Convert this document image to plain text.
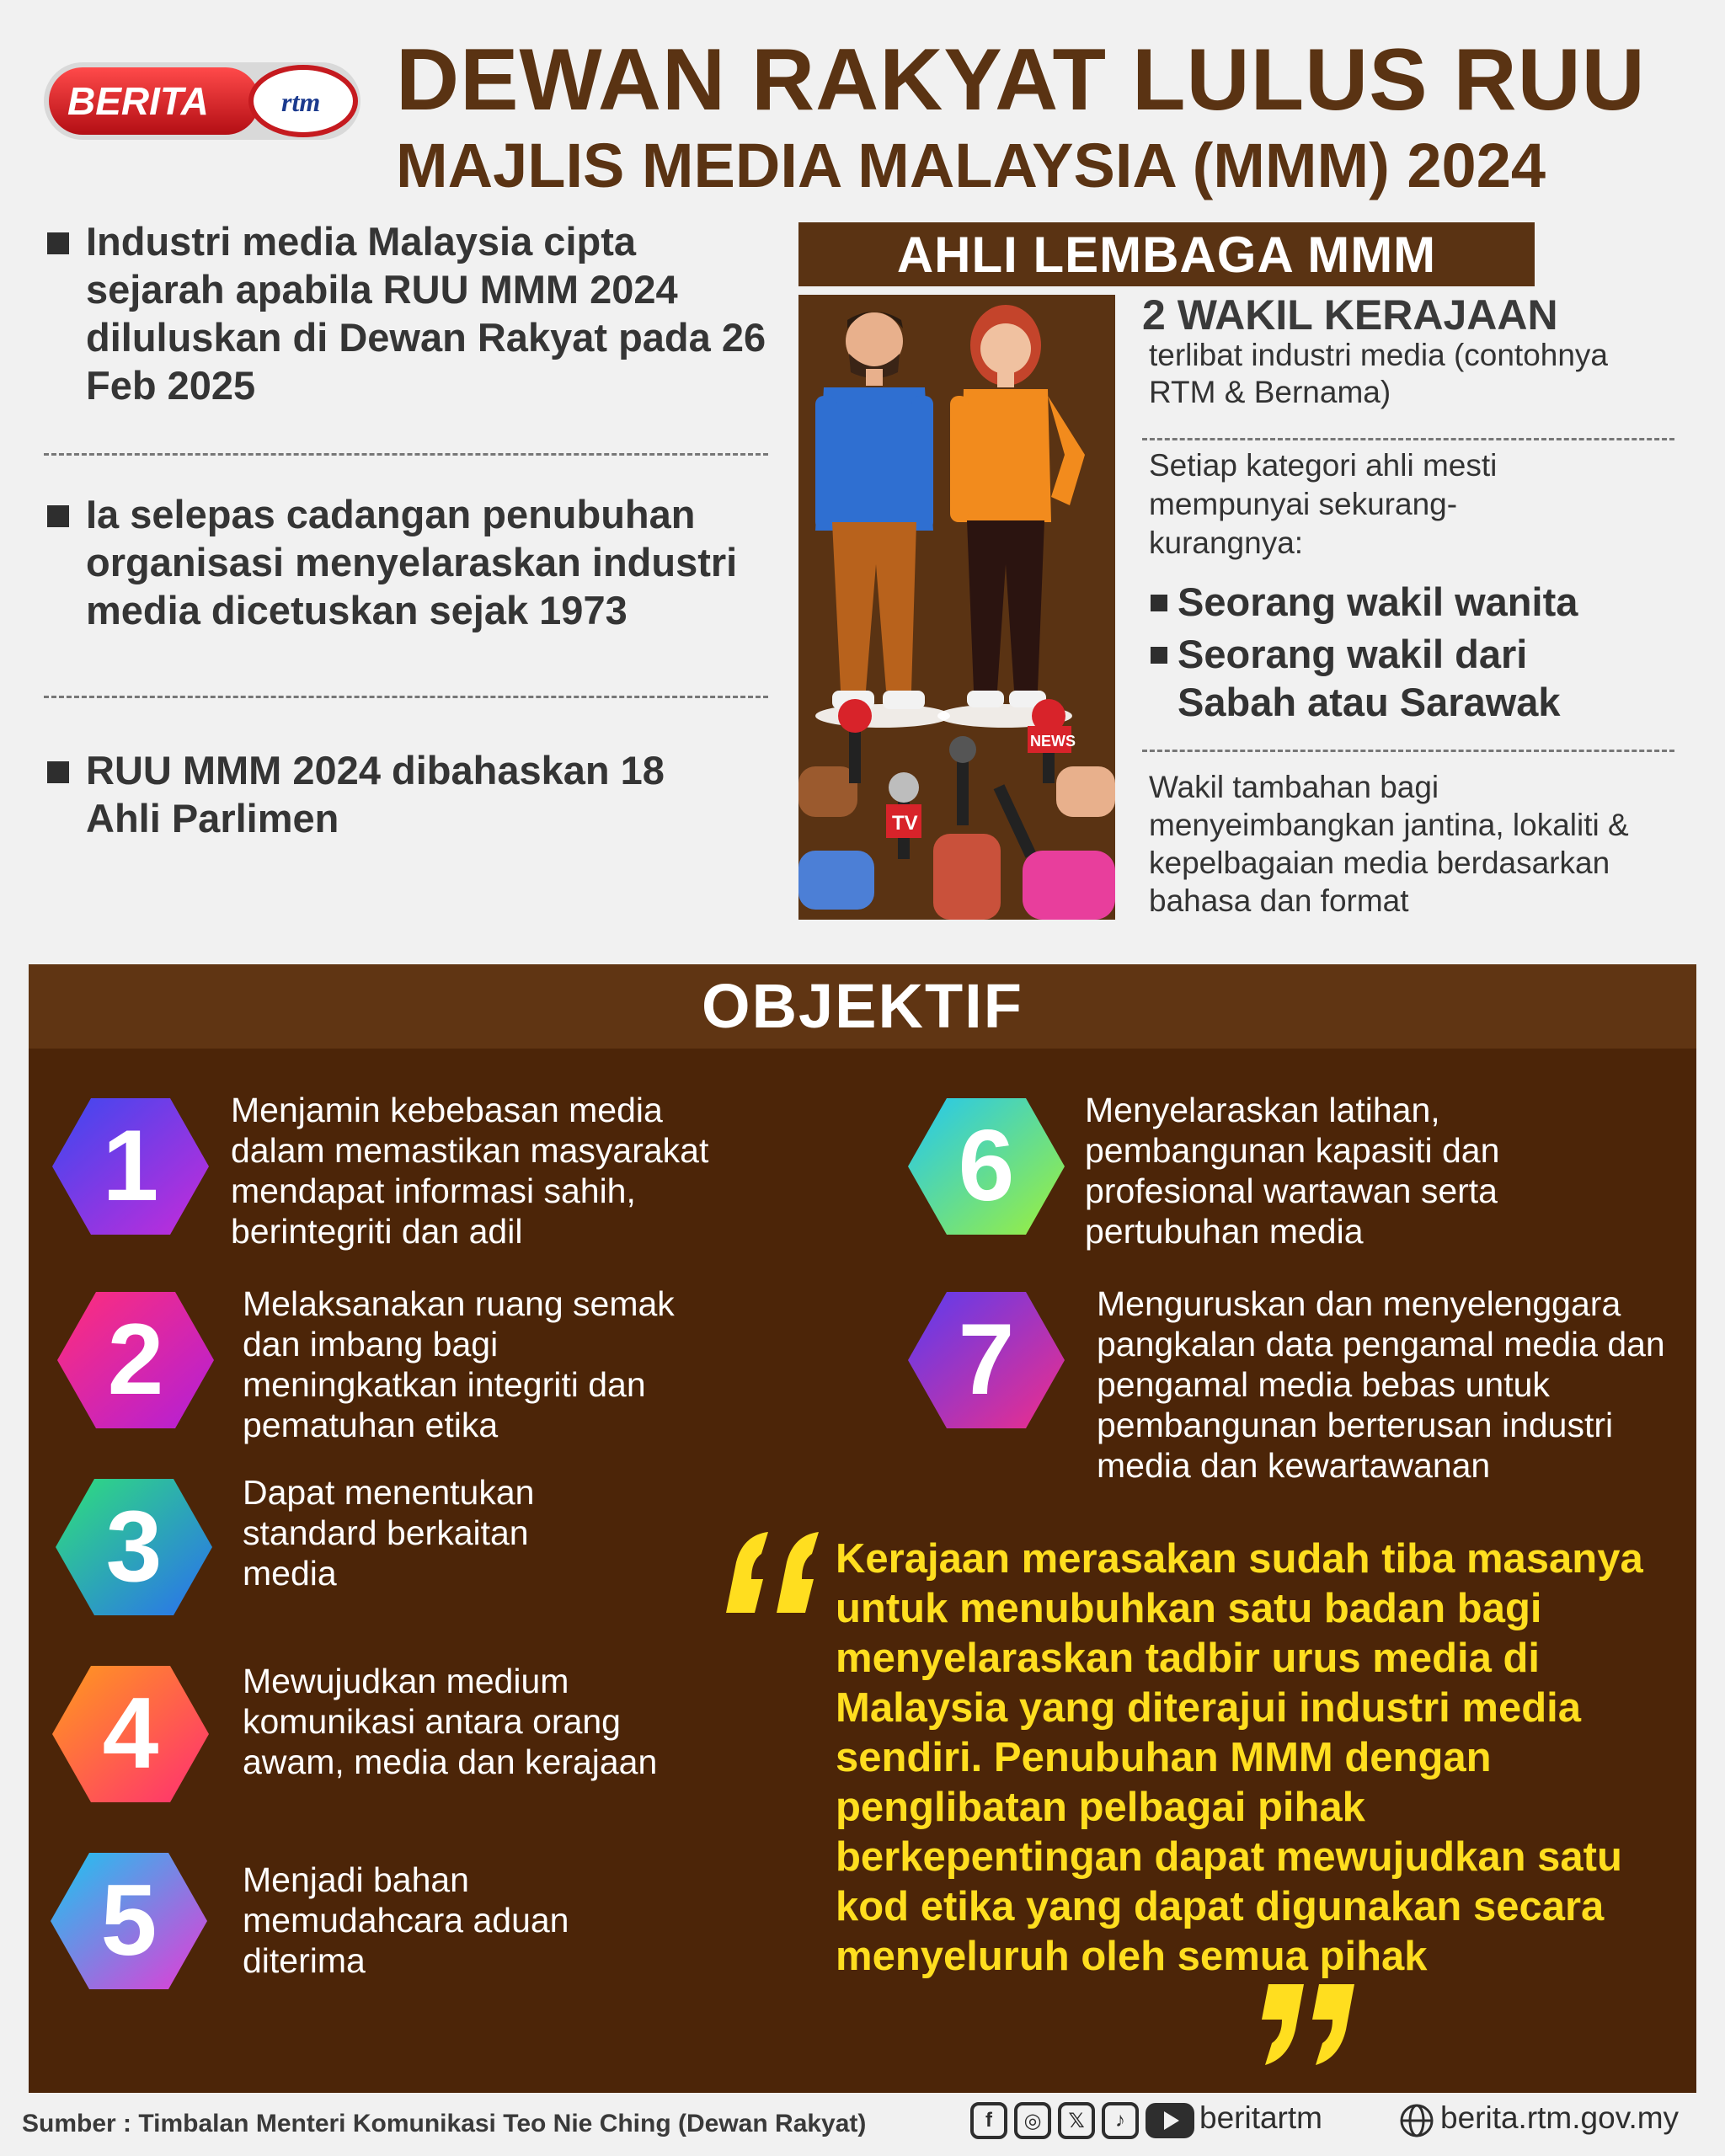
BERITA	rtm DEWAN RAKYAT LULUS RUU
MAJLIS MEDIA MALAYSIA (MMM) 2024
Industri media Malaysia cipta sejarah apabila RUU MMM 2024 diluluskan di Dewan Rakyat pada 26 Feb 2025
Ia selepas cadangan penubuhan organisasi menyelaraskan industri media dicetuskan sejak 1973
RUU MMM 2024 dibahaskan 18 Ahli Parlimen
AHLI LEMBAGA MMM
TV
NEWS
2 WAKIL KERAJAAN
terlibat industri media (contohnya RTM & Bernama)
Setiap kategori ahli mesti mempunyai sekurang-kurangnya:
Seorang wakil wanita
Seorang wakil dari Sabah atau Sarawak
Wakil tambahan bagi menyeimbangkan jantina, lokaliti & kepelbagaian media berdasarkan bahasa dan format
OBJEKTIF
1 Menjamin kebebasan media dalam memastikan masyarakat mendapat informasi sahih, berintegriti dan adil
2 Melaksanakan ruang semak dan imbang bagi meningkatkan integriti dan pematuhan etika
3 Dapat menentukan standard berkaitan media
4 Mewujudkan medium komunikasi antara orang awam, media dan kerajaan
5 Menjadi bahan memudahcara aduan diterima
6 Menyelaraskan latihan, pembangunan kapasiti dan profesional wartawan serta pertubuhan media
7 Menguruskan dan menyelenggara pangkalan data pengamal media dan pengamal media bebas untuk pembangunan berterusan industri media dan kewartawanan
Kerajaan merasakan sudah tiba masanya untuk menubuhkan satu badan bagi menyelaraskan tadbir urus media di Malaysia yang diterajui industri media sendiri. Penubuhan MMM dengan penglibatan pelbagai pihak berkepentingan dapat mewujudkan satu kod etika yang dapat digunakan secara menyeluruh oleh semua pihak
Sumber : Timbalan Menteri Komunikasi Teo Nie Ching (Dewan Rakyat)	f	◎	𝕏	♪	beritartm	berita.rtm.gov.my
